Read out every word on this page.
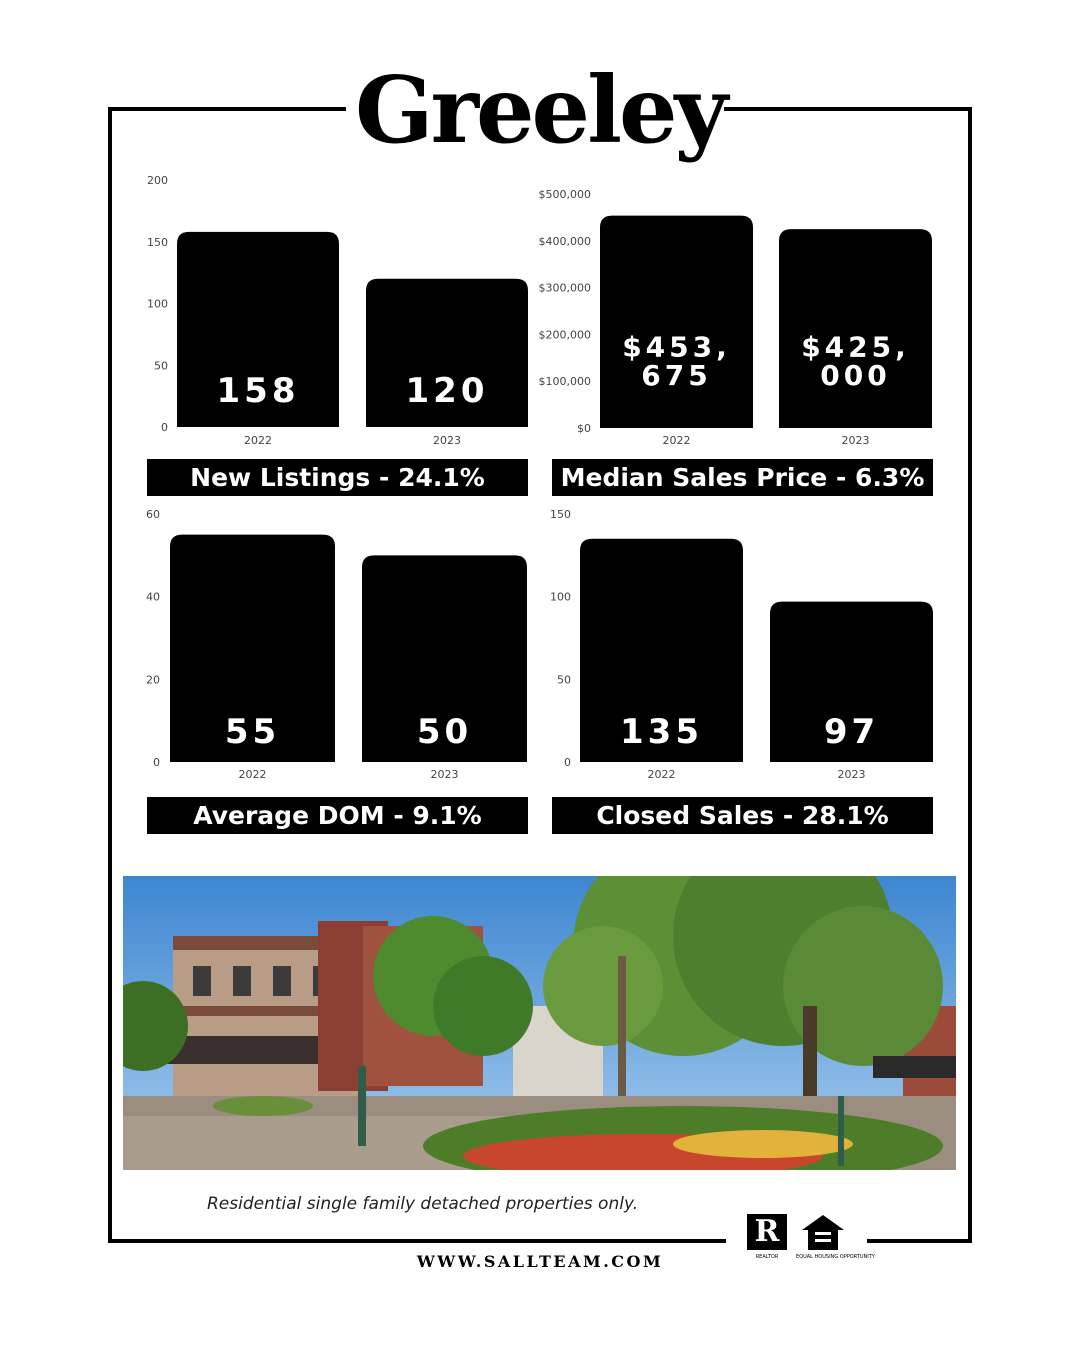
Greeley
0
50
100
150
200
158
2022
120
2023
New Listings - 24.1%
$0
$100,000
$200,000
$300,000
$400,000
$500,000
$453,
675
2022
$425,
000
2023
Median Sales Price - 6.3%
0
20
40
60
55
2022
50
2023
Average DOM - 9.1%
0
50
100
150
135
2022
97
2023
Closed Sales - 28.1%
Residential single family detached properties only.
R
REALTOR	EQUAL HOUSING OPPORTUNITY
WWW.SALLTEAM.COM
